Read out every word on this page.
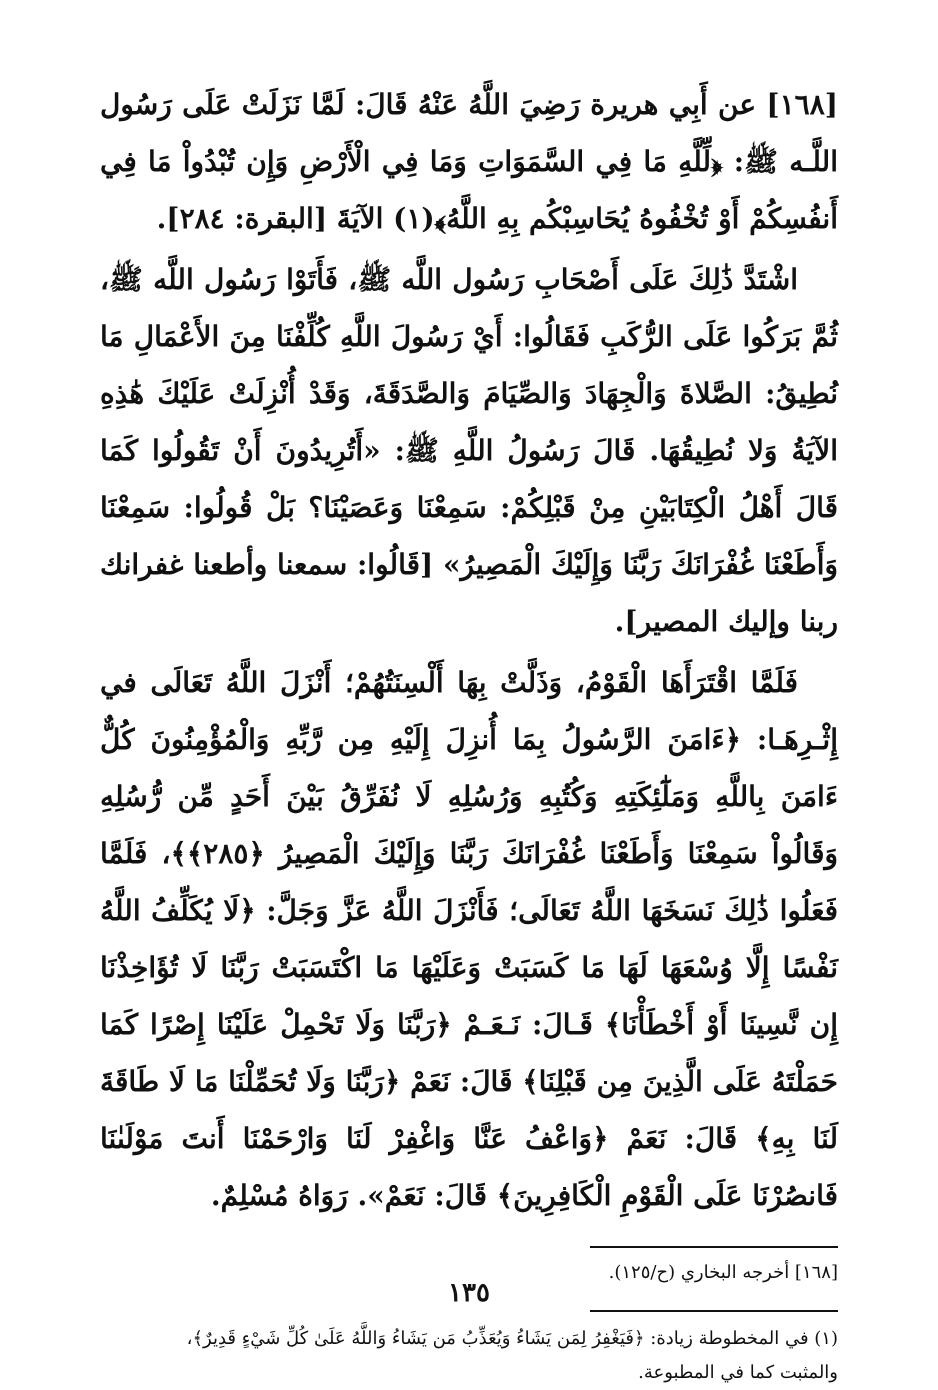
[١٦٨] عن أَبِي هريرة رَضِيَ اللَّهُ عَنْهُ قَالَ: لَمَّا نَزَلَتْ عَلَى رَسُول اللَّـه ﷺ: ﴿لِّلَّهِ مَا فِي السَّمَوَاتِ وَمَا فِي الْأَرْضِ وَإِن تُبْدُواْ مَا فِي أَنفُسِكُمْ أَوْ تُخْفُوهُ يُحَاسِبْكُم بِهِ اللَّهُ﴾(١) الآيَةَ [البقرة: ٢٨٤].

اشْتَدَّ ذَٰلِكَ عَلَى أَصْحَابِ رَسُول اللَّه ﷺ، فَأَتَوْا رَسُول اللَّه ﷺ، ثُمَّ بَرَكُوا عَلَى الرُّكَبِ فَقَالُوا: أَيْ رَسُولَ اللَّهِ كُلِّفْنَا مِنَ الأَعْمَالِ مَا نُطِيقُ: الصَّلاةَ وَالْجِهَادَ وَالصِّيَامَ وَالصَّدَقَةَ، وَقَدْ أُنْزِلَتْ عَلَيْكَ هَٰذِهِ الآيَةُ وَلا نُطِيقُهَا. قَالَ رَسُولُ اللَّهِ ﷺ: «أَتُرِيدُونَ أَنْ تَقُولُوا كَمَا قَالَ أَهْلُ الْكِتَابَيْنِ مِنْ قَبْلِكُمْ: سَمِعْنَا وَعَصَيْنَا؟ بَلْ قُولُوا: سَمِعْنَا وَأَطَعْنَا غُفْرَانَكَ رَبَّنَا وَإِلَيْكَ الْمَصِيرُ» [قَالُوا: سمعنا وأطعنا غفرانك ربنا وإليك المصير].

فَلَمَّا اقْتَرَأَهَا الْقَوْمُ، وَذَلَّتْ بِهَا أَلْسِنَتُهُمْ؛ أَنْزَلَ اللَّهُ تَعَالَى في إِثْـرِهَـا: ﴿ءَامَنَ الرَّسُولُ بِمَا أُنزِلَ إِلَيْهِ مِن رَّبِّهِ وَالْمُؤْمِنُونَ كُلٌّ ءَامَنَ بِاللَّهِ وَمَلَٰٓئِكَتِهِ وَكُتُبِهِ وَرُسُلِهِ لَا نُفَرِّقُ بَيْنَ أَحَدٍ مِّن رُّسُلِهِ وَقَالُواْ سَمِعْنَا وَأَطَعْنَا غُفْرَانَكَ رَبَّنَا وَإِلَيْكَ الْمَصِيرُ ﴿٢٨٥﴾﴾، فَلَمَّا فَعَلُوا ذَٰلِكَ نَسَخَهَا اللَّهُ تَعَالَى؛ فَأَنْزَلَ اللَّهُ عَزَّ وَجَلَّ: ﴿لَا يُكَلِّفُ اللَّهُ نَفْسًا إِلَّا وُسْعَهَا لَهَا مَا كَسَبَتْ وَعَلَيْهَا مَا اكْتَسَبَتْ رَبَّنَا لَا تُؤَاخِذْنَا إِن نَّسِينَا أَوْ أَخْطَأْنَا﴾ قَـالَ: نَـعَـمْ ﴿رَبَّنَا وَلَا تَحْمِلْ عَلَيْنَا إِصْرًا كَمَا حَمَلْتَهُ عَلَى الَّذِينَ مِن قَبْلِنَا﴾ قَالَ: نَعَمْ ﴿رَبَّنَا وَلَا تُحَمِّلْنَا مَا لَا طَاقَةَ لَنَا بِهِ﴾ قَالَ: نَعَمْ ﴿وَاعْفُ عَنَّا وَاغْفِرْ لَنَا وَارْحَمْنَا أَنتَ مَوْلَىٰنَا فَانصُرْنَا عَلَى الْقَوْمِ الْكَافِرِينَ﴾ قَالَ: نَعَمْ». رَوَاهُ مُسْلِمٌ.

[١٦٨] أخرجه البخاري (ح/١٢٥).

(١) في المخطوطة زيادة: ﴿فَيَغْفِرُ لِمَن يَشَاءُ وَيُعَذِّبُ مَن يَشَاءُ وَاللَّهُ عَلَىٰ كُلِّ شَيْءٍ قَدِيرٌ﴾،

والمثبت كما في المطبوعة.

١٣٥
